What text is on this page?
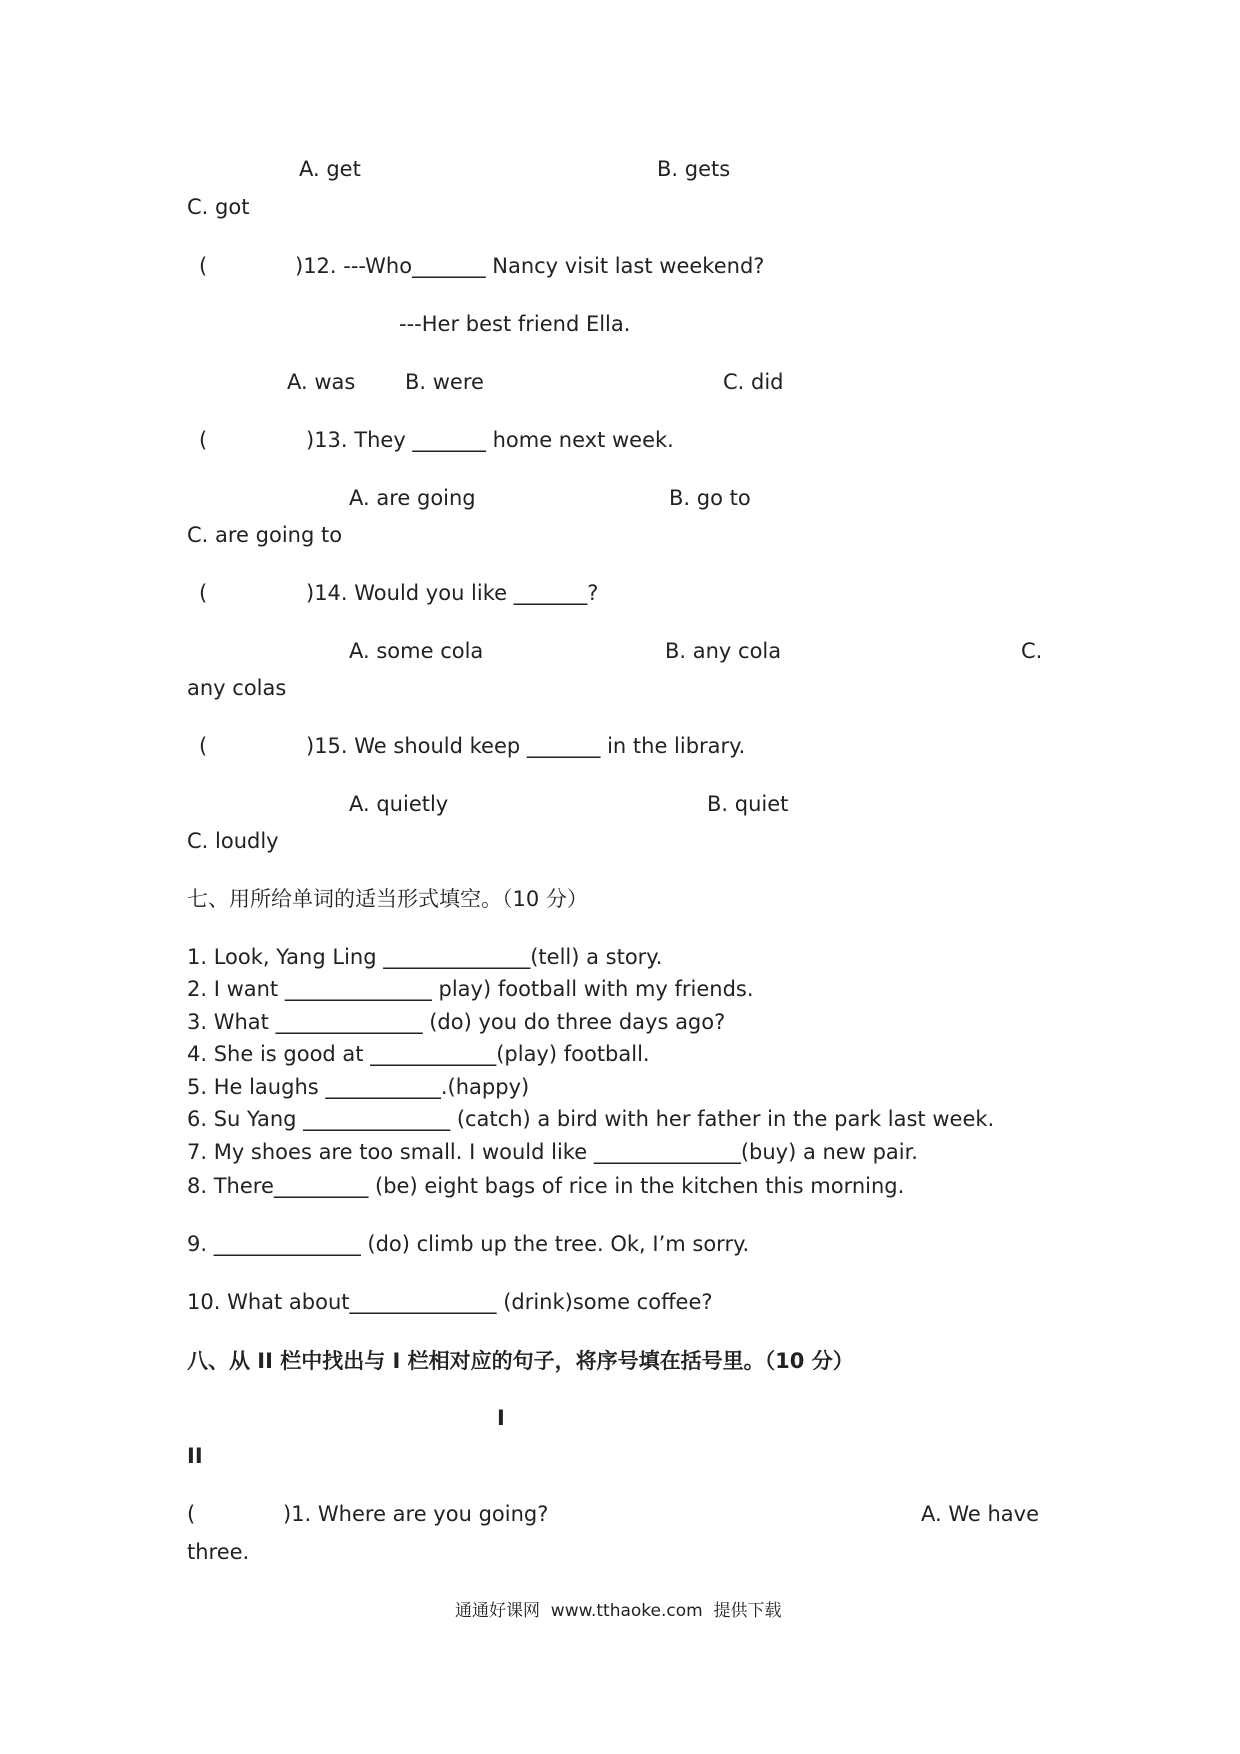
A. get	B. gets
C. got
(	)12. ---Who_______ Nancy visit last weekend?
---Her best friend Ella.
A. was B. were	C. did
(	)13. They _______ home next week.
A. are going	B. go to
C. are going to
(	)14. Would you like _______?
A. some cola	B. any cola	C.
any colas
(	)15. We should keep _______ in the library.
A. quietly	B. quiet
C. loudly
七、用所给单词的适当形式填空。（10 分）
1. Look, Yang Ling ______________(tell) a story.
2. I want ______________ play) football with my friends.
3. What ______________ (do) you do three days ago?
4. She is good at ____________(play) football.
5. He laughs ___________.(happy)
6. Su Yang ______________ (catch) a bird with her father in the park last week.
7. My shoes are too small. I would like ______________(buy) a new pair.
8. There_________ (be) eight bags of rice in the kitchen this morning.
9. ______________ (do) climb up the tree. Ok, I’m sorry.
10. What about______________ (drink)some coffee?
八、从 II 栏中找出与 I 栏相对应的句子，将序号填在括号里。（10 分）
I
II
(	)1. Where are you going?	A. We have
three.
通通好课网  www.tthaoke.com  提供下载
